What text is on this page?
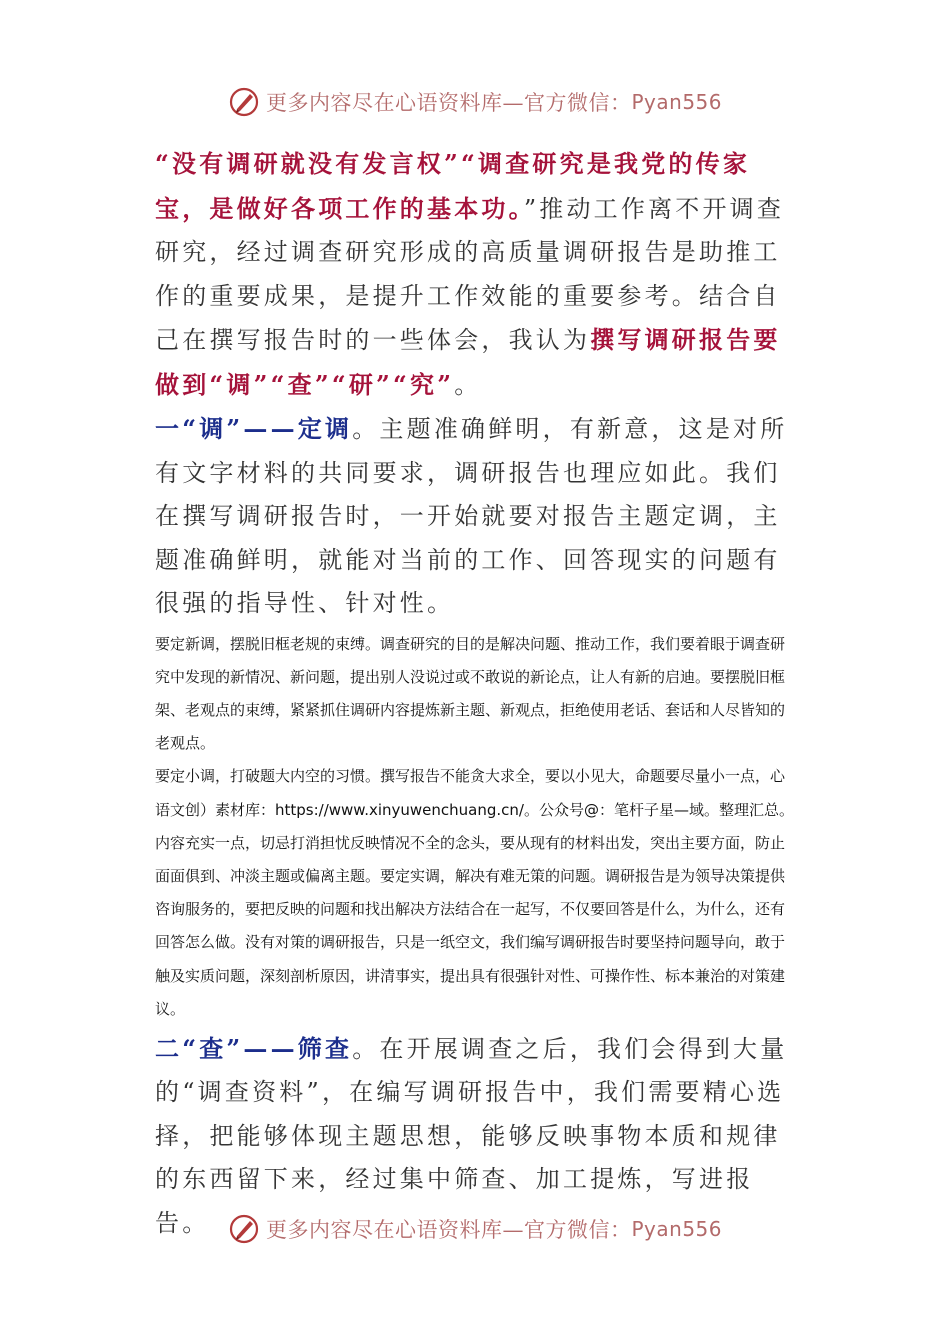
更多内容尽在心语资料库—官方微信： Pyan556

“没有调研就没有发言权”“调查研究是我党的传家宝，是做好各项工作的基本功。”推动工作离不开调查研究，经过调查研究形成的高质量调研报告是助推工作的重要成果，是提升工作效能的重要参考。结合自己在撰写报告时的一些体会，我认为撰写调研报告要做到“调”“查”“研”“究”。

一“调”——定调。主题准确鲜明，有新意，这是对所有文字材料的共同要求，调研报告也理应如此。我们在撰写调研报告时，一开始就要对报告主题定调，主题准确鲜明，就能对当前的工作、回答现实的问题有很强的指导性、针对性。

要定新调，摆脱旧框老规的束缚。调查研究的目的是解决问题、推动工作，我们要着眼于调查研究中发现的新情况、新问题，提出别人没说过或不敢说的新论点，让人有新的启迪。要摆脱旧框架、老观点的束缚，紧紧抓住调研内容提炼新主题、新观点，拒绝使用老话、套话和人尽皆知的老观点。

要定小调，打破题大内空的习惯。撰写报告不能贪大求全，要以小见大，命题要尽量小一点，心语文创）素材库：https://www.xinyuwenchuang.cn/。公众号@：笔杆子星—域。整理汇总。内容充实一点，切忌打消担忧反映情况不全的念头，要从现有的材料出发，突出主要方面，防止面面俱到、冲淡主题或偏离主题。要定实调，解决有难无策的问题。调研报告是为领导决策提供咨询服务的，要把反映的问题和找出解决方法结合在一起写，不仅要回答是什么，为什么，还有回答怎么做。没有对策的调研报告，只是一纸空文，我们编写调研报告时要坚持问题导向，敢于触及实质问题，深刻剖析原因，讲清事实，提出具有很强针对性、可操作性、标本兼治的对策建议。

二“查”——筛查。在开展调查之后，我们会得到大量的“调查资料”，在编写调研报告中，我们需要精心选择，把能够体现主题思想，能够反映事物本质和规律的东西留下来，经过集中筛查、加工提炼，写进报告。	更多内容尽在心语资料库—官方微信： Pyan556
